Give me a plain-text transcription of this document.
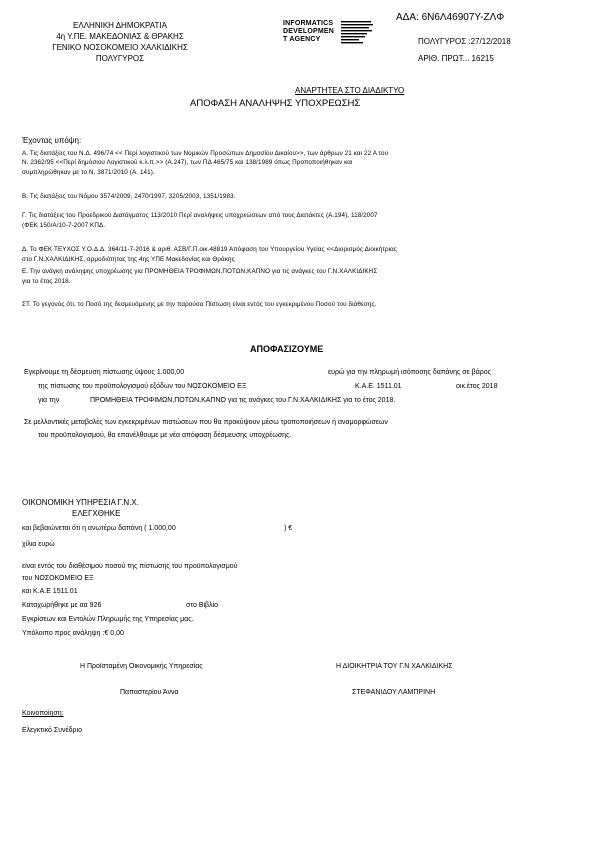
ΕΛΛΗΝΙΚΗ ΔΗΜΟΚΡΑΤΙΑ
4η Υ.ΠΕ. ΜΑΚΕΔΟΝΙΑΣ & ΘΡΑΚΗΣ
ΓΕΝΙΚΟ ΝΟΣΟΚΟΜΕΙΟ ΧΑΛΚΙΔΙΚΗΣ
ΠΟΛΥΓΥΡΟΣ
INFORMATICS
DEVELOPMEN
T AGENCY
ΑΔΑ: 6Ν6Λ46907Υ-ΖΛΦ
ΠΟΛΥΓΥΡΟΣ :27/12/2018
ΑΡΙΘ. ΠΡΩΤ... 16215
ΑΝΑΡΤΗΤΕΑ ΣΤΟ ΔΙΑΔΙΚΤΥΟ
ΑΠΟΦΑΣΗ ΑΝΑΛΗΨΗΣ ΥΠΟΧΡΕΩΣΗΣ
Έχοντας υπόψη:
Α. Τις διατάξεις του Ν.Δ. 496/74 << Περί λογιστικού των Νομικών Προσώπων Δημοσίου Δικαίου>>, των άρθρων 21 και 22 Α του
Ν. 2362/95 <<Περί δημόσιου Λογιστικού κ.λ.π.>> (Α.247), των ΠΔ 465/75 και 138/1989 όπως Προποποιήθηκαν και
συμπληρώθηκαν με το Ν. 3871/2010 (Α. 141).
Β. Τις διατάξεις του Νόμου 3574/2009, 2470/1997, 3205/2003, 1351/1983.
Γ. Τις διατάξεις του Προεδρικού Διατάγματος 113/2010 Περί αναλήψεις υποχρεώσεων από τους Διατάκτες (Α.194), 118/2007
(ΦΕΚ 150/Α/10-7-2007 ΚΠΔ.
Δ. Το ΦΕΚ ΤΕΥΧΟΣ Υ.Ο.Δ.Δ. 364/11-7-2016 & αριθ. ΑΣΒ/Γ.Π.οικ.48819 Απόφαση του Υπουργείου Υγείας <<Διορισμός Διοικήτριας
στο Γ.Ν.ΧΑΛΚΙΔΙΚΗΣ, αρμοδιότητας της 4ης ΥΠΕ Μακεδονίας και Θράκης
Ε. Την ανάγκη ανάληψης υποχρέωσης για ΠΡΟΜΗΘΕΙΑ ΤΡΟΦΙΜΩΝ,ΠΟΤΩΝ,ΚΑΠΝΟ για τις ανάγκες του Γ.Ν.ΧΑΛΚΙΔΙΚΗΣ
για το έτος 2018.
ΣΤ. Το γεγονός ότι, το Ποσό της δεσμευόμενης με την παρούσα Πίστωση είναι εντός του εγκεκριμένου Ποσού του διάθεσης.
ΑΠΟΦΑΣΙΖΟΥΜΕ
Εγκρίνουμε τη δέσμευση πίστωσης ύψους 1.000,00	ευρώ για την πληρωμή ισόποσης δαπάνης σε βάρος
της πίστωσης του προϋπολογισμού εξόδων του ΝΟΣΟΚΟΜΕΙΟ ΕΞ	Κ.Α.Ε. 1511.01	οικ.έτος 2018
για την	ΠΡΟΜΗΘΕΙΑ ΤΡΟΦΙΜΩΝ,ΠΟΤΩΝ,ΚΑΠΝΟ για τις ανάγκες του Γ.Ν.ΧΑΛΚΙΔΙΚΗΣ για το έτος 2018.
Σε μελλοντικές μεταβολές των εγκεκριμένων πιστώσεων που θα προκύψουν μέσω τροποποιήσεων ή αναμορφώσεων
του προϋπολογισμού, θα επανέλθουμε με νέα απόφαση δέσμευσης υποχρέωσης.
ΟΙΚΟΝΟΜΙΚΗ ΥΠΗΡΕΣΙΑ Γ.Ν.Χ.
ΕΛΕΓΧΘΗΚΕ
και βεβαιώνεται ότι η ανωτέρω δαπάνη ( 1.000,00	) €
χίλια ευρώ
είναι εντός του διαθέσιμου ποσού της πίστωσης του προϋπολογισμού
του ΝΟΣΟΚΟΜΕΙΟ ΕΞ
και Κ.Α.Ε 1511.01
Καταχωρήθηκε με αα 926	στο Βιβλίο
Εγκρίσεων και Εντολών Πληρωμής της Υπηρεσίας μας.
Υπόλοιπο προς ανάληψη :€ 0,00
Η Προϊσταμένη Οικονομικής Υπηρεσίας	Η ΔΙΟΙΚΗΤΡΙΑ ΤΟΥ Γ.Ν ΧΑΛΚΙΔΙΚΗΣ
Παπαστερίου Άννα	ΣΤΕΦΑΝΙΔΟΥ ΛΑΜΠΡΙΝΗ
Κοινοποίηση:
Ελεγκτικό Συνέδριο
